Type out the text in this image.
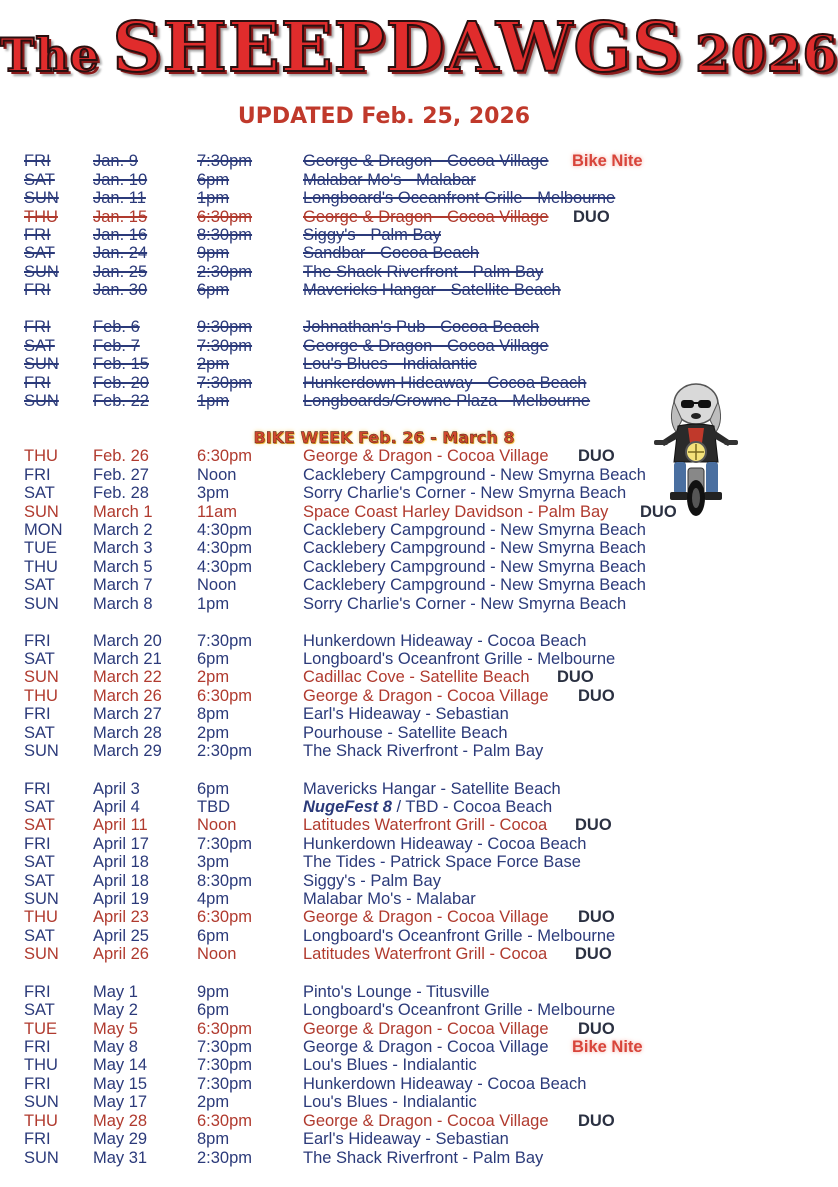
The SHEEPDAWGS 2026
UPDATED Feb. 25, 2026
BIKE WEEK Feb. 26 - March 8
FRI	Jan. 9	7:30pm	George & Dragon - Cocoa Village Bike Nite
SAT Jan. 10	6pm	Malabar Mo's - Malabar
SUN Jan. 11	1pm	Longboard's Oceanfront Grille - Melbourne
THU Jan. 15	6:30pm	George & Dragon - Cocoa Village DUO
FRI	Jan. 16	8:30pm	Siggy's - Palm Bay
SAT Jan. 24	9pm	Sandbar - Cocoa Beach
SUN Jan. 25	2:30pm	The Shack Riverfront - Palm Bay
FRI	Jan. 30	6pm	Mavericks Hangar - Satellite Beach
FRI	Feb. 6	9:30pm	Johnathan's Pub - Cocoa Beach
SAT Feb. 7	7:30pm	George & Dragon - Cocoa Village
SUN Feb. 15	2pm	Lou's Blues - Indialantic
FRI	Feb. 20	7:30pm	Hunkerdown Hideaway - Cocoa Beach
SUN Feb. 22	1pm	Longboards/Crowne Plaza - Melbourne
THU Feb. 26	6:30pm	George & Dragon - Cocoa Village DUO
FRI	Feb. 27	Noon	Cacklebery Campground - New Smyrna Beach
SAT Feb. 28	3pm	Sorry Charlie's Corner - New Smyrna Beach
SUN March 1	11am	Space Coast Harley Davidson - Palm Bay DUO
MON March 2	4:30pm	Cacklebery Campground - New Smyrna Beach
TUE March 3	4:30pm	Cacklebery Campground - New Smyrna Beach
THU March 5	4:30pm	Cacklebery Campground - New Smyrna Beach
SAT March 7	Noon	Cacklebery Campground - New Smyrna Beach
SUN March 8	1pm	Sorry Charlie's Corner - New Smyrna Beach
FRI	March 20 7:30pm	Hunkerdown Hideaway - Cocoa Beach
SAT March 21 6pm	Longboard's Oceanfront Grille - Melbourne
SUN March 22 2pm	Cadillac Cove - Satellite Beach DUO
THU March 26 6:30pm	George & Dragon - Cocoa Village DUO
FRI	March 27 8pm	Earl's Hideaway - Sebastian
SAT March 28 2pm	Pourhouse - Satellite Beach
SUN March 29 2:30pm	The Shack Riverfront - Palm Bay
FRI	April 3	6pm	Mavericks Hangar - Satellite Beach
SAT April 4	TBD	NugeFest 8 / TBD - Cocoa Beach
SAT April 11	Noon	Latitudes Waterfront Grill - Cocoa DUO
FRI	April 17	7:30pm	Hunkerdown Hideaway - Cocoa Beach
SAT April 18	3pm	The Tides - Patrick Space Force Base
SAT April 18	8:30pm	Siggy's - Palm Bay
SUN April 19	4pm	Malabar Mo's - Malabar
THU April 23	6:30pm	George & Dragon - Cocoa Village DUO
SAT April 25	6pm	Longboard's Oceanfront Grille - Melbourne
SUN April 26	Noon	Latitudes Waterfront Grill - Cocoa DUO
FRI	May 1	9pm	Pinto's Lounge - Titusville
SAT May 2	6pm	Longboard's Oceanfront Grille - Melbourne
TUE May 5	6:30pm	George & Dragon - Cocoa Village DUO
FRI	May 8	7:30pm	George & Dragon - Cocoa Village Bike Nite
THU May 14	7:30pm	Lou's Blues - Indialantic
FRI	May 15	7:30pm	Hunkerdown Hideaway - Cocoa Beach
SUN May 17	2pm	Lou's Blues - Indialantic
THU May 28	6:30pm	George & Dragon - Cocoa Village DUO
FRI	May 29	8pm	Earl's Hideaway - Sebastian
SUN May 31	2:30pm	The Shack Riverfront - Palm Bay
